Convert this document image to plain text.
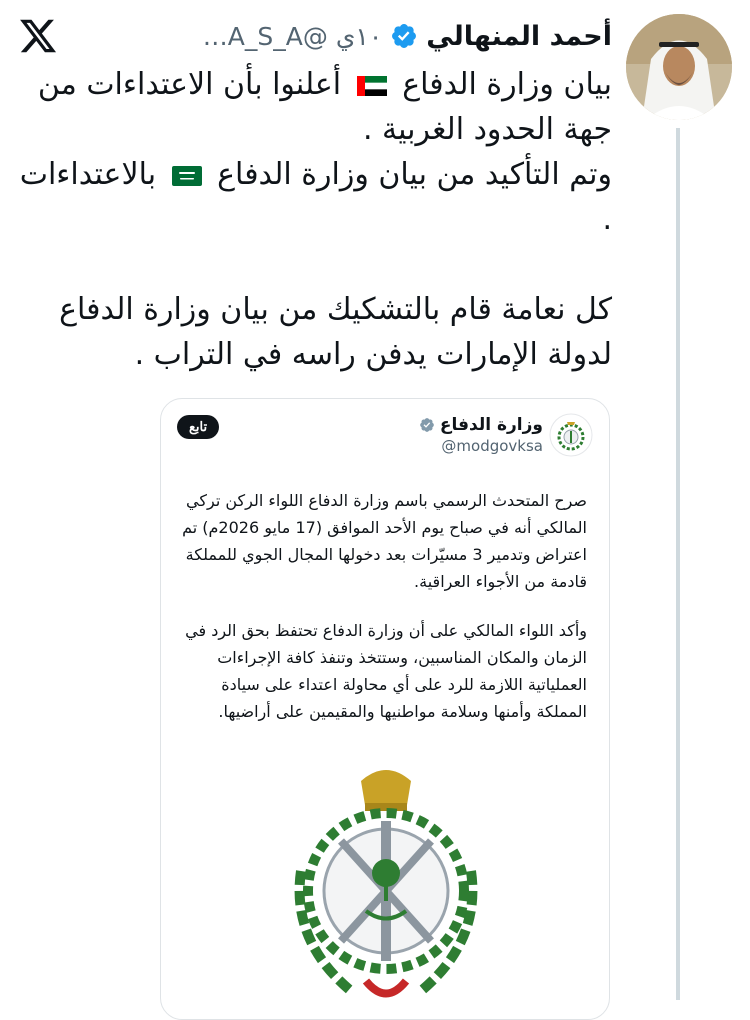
أحمد المنهالي
…A_S_A@ ١٠ي

بيان وزارة الدفاع  أعلنوا بأن الاعتداءات من جهة الحدود الغربية .

وتم التأكيد من بيان وزارة الدفاع  بالاعتداءات .

كل نعامة قام بالتشكيك من بيان وزارة الدفاع لدولة الإمارات يدفن راسه في التراب .

وزارة الدفاع
@modgovksa
تابع

صرح المتحدث الرسمي باسم وزارة الدفاع اللواء الركن تركي المالكي أنه في صباح يوم الأحد الموافق (17 مايو 2026م) تم اعتراض وتدمير 3 مسيّرات بعد دخولها المجال الجوي للمملكة قادمة من الأجواء العراقية.

وأكد اللواء المالكي على أن وزارة الدفاع تحتفظ بحق الرد في الزمان والمكان المناسبين، وستتخذ وتنفذ كافة الإجراءات العملياتية اللازمة للرد على أي محاولة اعتداء على سيادة المملكة وأمنها وسلامة مواطنيها والمقيمين على أراضيها.
